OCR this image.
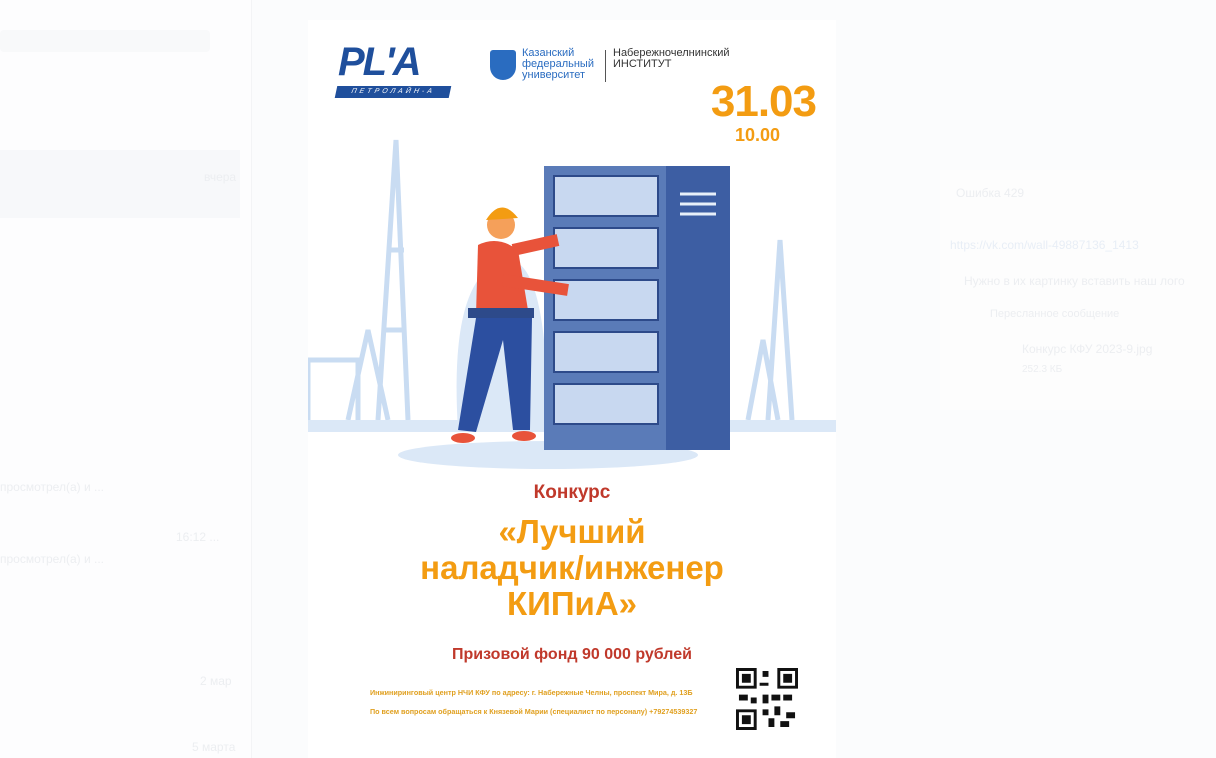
вчера
16:12 ...
просмотрел(а) и ...
просмотрел(а) и ...
2 мар
5 марта
Ошибка 429
https://vk.com/wall-49887136_1413
Нужно в их картинку вставить наш лого
Пересланное сообщение
Конкурс КФУ 2023-9.jpg
252.3 КБ
PL'A
ПЕТРОЛАЙН-А
Казанский
федеральный
университет
Набережночелнинский
ИНСТИТУТ
31.03
10.00
Конкурс
«Лучший
наладчик/инженер
КИПиА»
Призовой фонд 90 000 рублей
Инжиниринговый центр НЧИ КФУ по адресу: г. Набережные Челны, проспект Мира, д. 13Б
По всем вопросам обращаться к Князевой Марии (специалист по персоналу) +79274539327
